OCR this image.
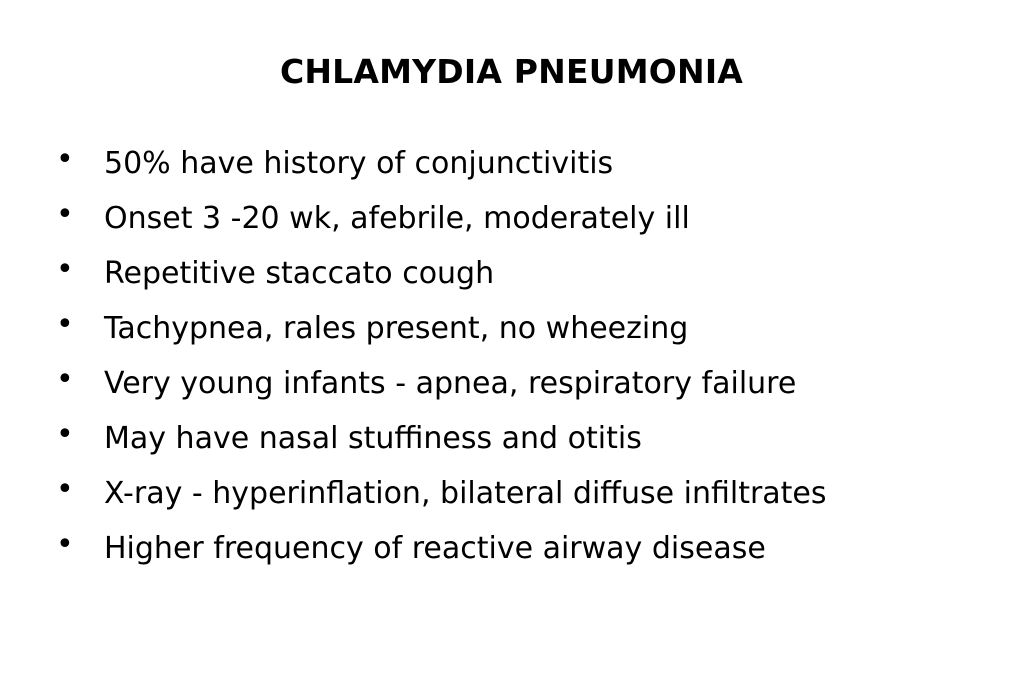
CHLAMYDIA PNEUMONIA
•	50% have history of conjunctivitis
•	Onset 3 -20 wk, afebrile, moderately ill
•	Repetitive staccato cough
•	Tachypnea, rales present, no wheezing
•	Very young infants - apnea, respiratory failure
•	May have nasal stuffiness and otitis
•	X-ray - hyperinflation, bilateral diffuse infiltrates
•	Higher frequency of reactive airway disease
